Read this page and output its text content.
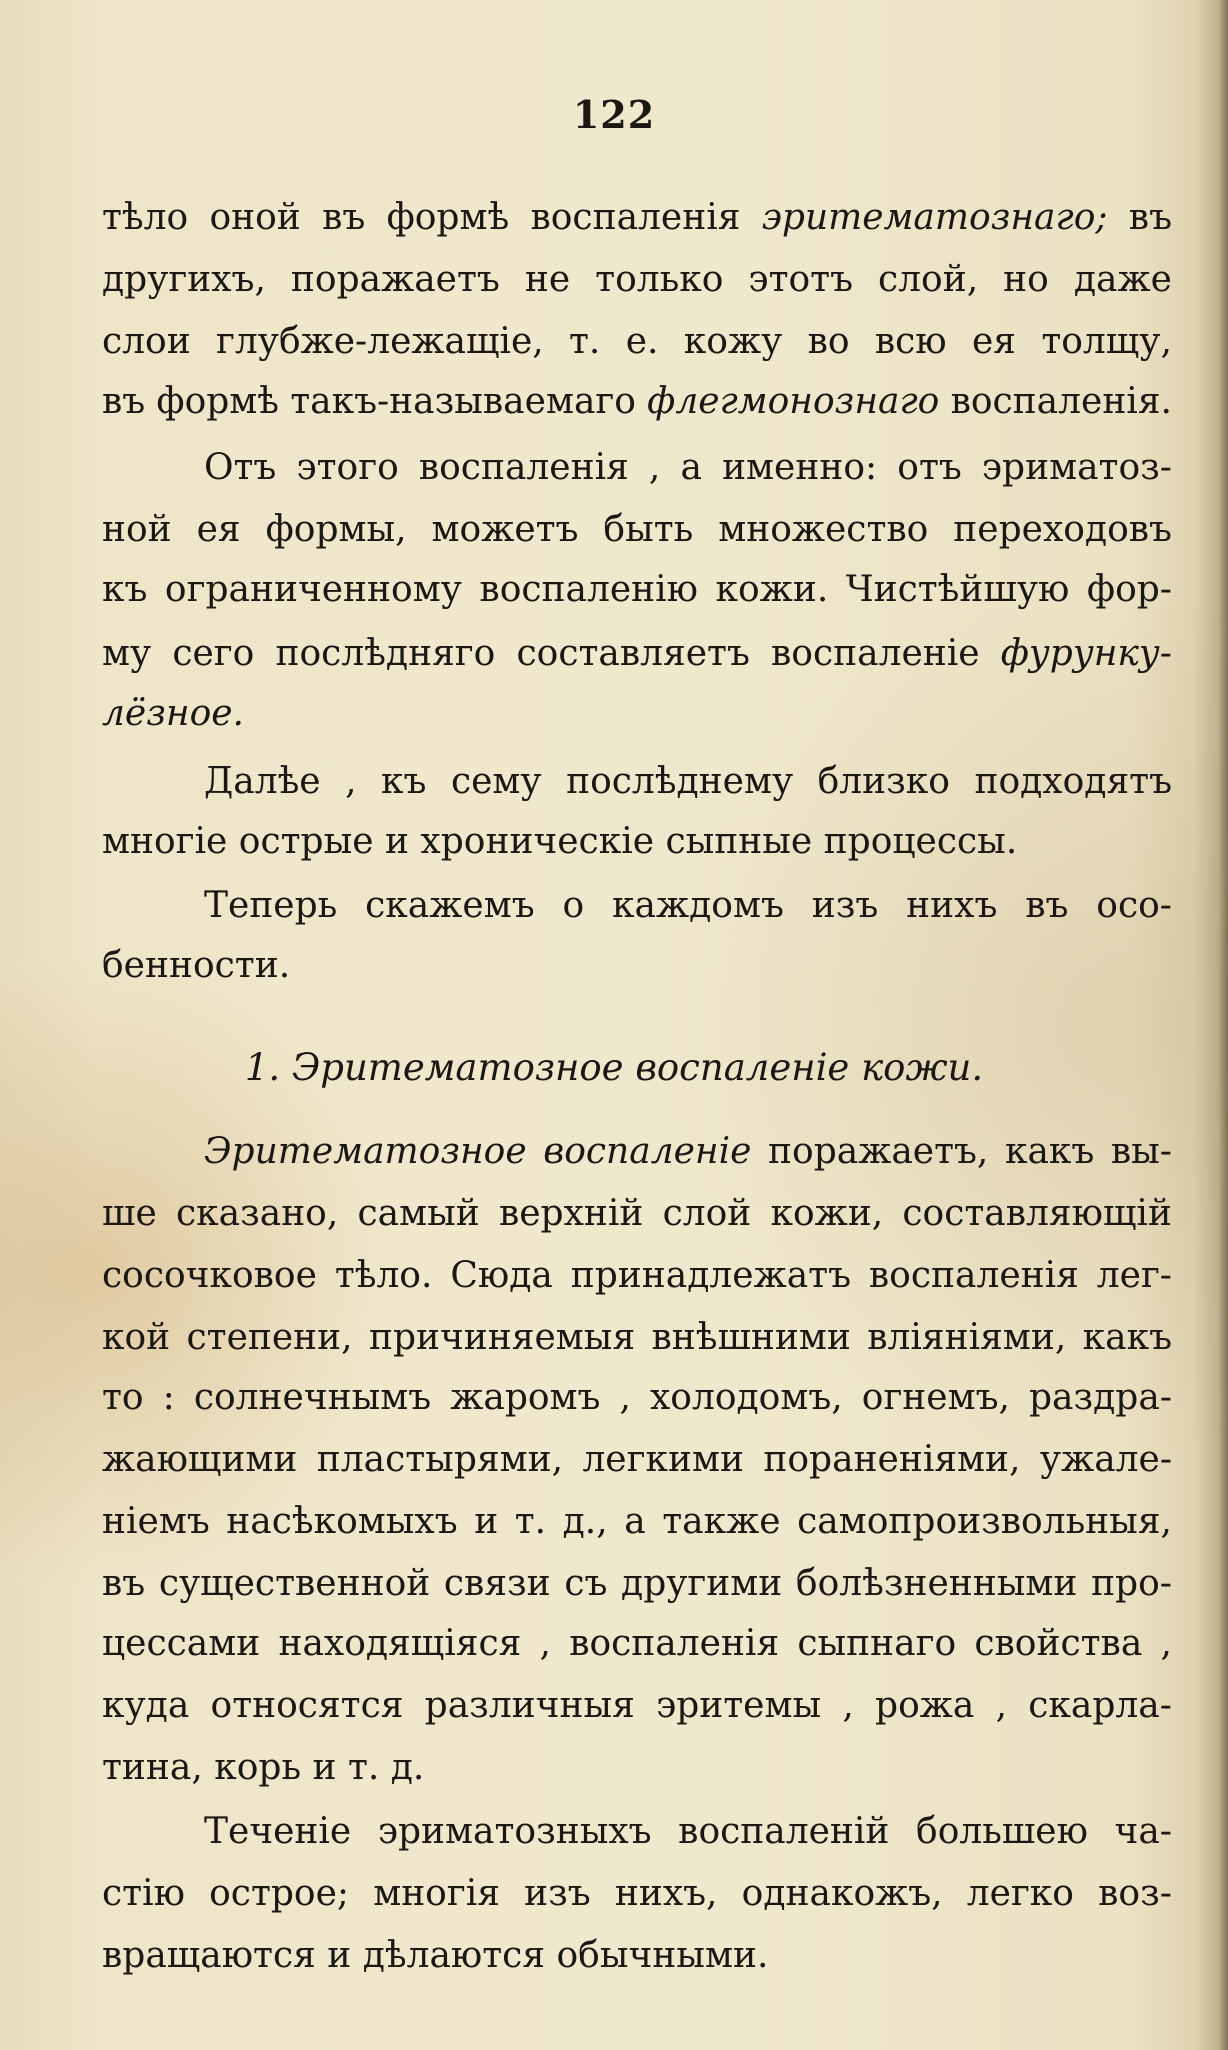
122
тѣло оной въ формѣ воспаленія эритематознаго; въ
другихъ, поражаетъ не только этотъ слой, но даже
слои глубже-лежащіе, т. е. кожу во всю ея толщу,
въ формѣ такъ-называемаго флегмонознаго воспаленія.
Отъ этого воспаленія , а именно: отъ эриматоз-
ной ея формы, можетъ быть множество переходовъ
къ ограниченному воспаленію кожи. Чистѣйшую фор-
му сего послѣдняго составляетъ воспаленіе фурунку-
лёзное.
Далѣе , къ сему послѣднему близко подходятъ
многіе острые и хроническіе сыпные процессы.
Теперь скажемъ о каждомъ изъ нихъ въ осо-
бенности.
1. Эритематозное воспаленіе кожи.
Эритематозное воспаленіе поражаетъ, какъ вы-
ше сказано, самый верхній слой кожи, составляющій
сосочковое тѣло. Сюда принадлежатъ воспаленія лег-
кой степени, причиняемыя внѣшними вліяніями, какъ
то : солнечнымъ жаромъ , холодомъ, огнемъ, раздра-
жающими пластырями, легкими пораненіями, ужале-
ніемъ насѣкомыхъ и т. д., а также самопроизвольныя,
въ существенной связи съ другими болѣзненными про-
цессами находящіяся , воспаленія сыпнаго свойства ,
куда относятся различныя эритемы , рожа , скарла-
тина, корь и т. д.
Теченіе эриматозныхъ воспаленій большею ча-
стію острое; многія изъ нихъ, однакожъ, легко воз-
вращаются и дѣлаются обычными.
